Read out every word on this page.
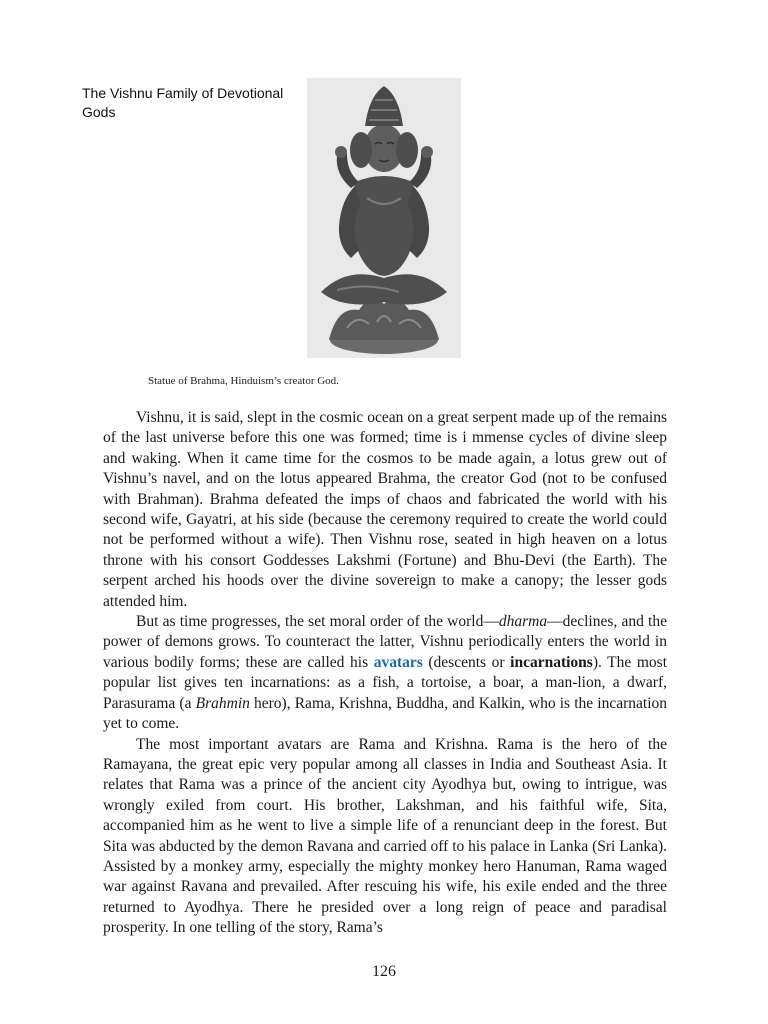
The Vishnu Family of Devotional Gods
Statue of Brahma, Hinduism’s creator God.

Vishnu, it is said, slept in the cosmic ocean on a great serpent made up of the remains of the last universe before this one was formed; time is i mmense cycles of divine sleep and waking. When it came time for the cosmos to be made again, a lotus grew out of Vishnu’s navel, and on the lotus appeared Brahma, the creator God (not to be confused with Brahman). Brahma defeated the imps of chaos and fabricated the world with his second wife, Gayatri, at his side (because the ceremony required to create the world could not be performed without a wife). Then Vishnu rose, seated in high heaven on a lotus throne with his consort Goddesses Lakshmi (Fortune) and Bhu-Devi (the Earth). The serpent arched his hoods over the divine sovereign to make a canopy; the lesser gods attended him.

But as time progresses, the set moral order of the world—dharma—declines, and the power of demons grows. To counteract the latter, Vishnu periodically enters the world in various bodily forms; these are called his avatars (descents or incarnations). The most popular list gives ten incarnations: as a fish, a tortoise, a boar, a man-lion, a dwarf, Parasurama (a Brahmin hero), Rama, Krishna, Buddha, and Kalkin, who is the incarnation yet to come.

The most important avatars are Rama and Krishna. Rama is the hero of the Ramayana, the great epic very popular among all classes in India and Southeast Asia. It relates that Rama was a prince of the ancient city Ayodhya but, owing to intrigue, was wrongly exiled from court. His brother, Lakshman, and his faithful wife, Sita, accompanied him as he went to live a simple life of a renunciant deep in the forest. But Sita was abducted by the demon Ravana and carried off to his palace in Lanka (Sri Lanka). Assisted by a monkey army, especially the mighty monkey hero Hanuman, Rama waged war against Ravana and prevailed. After rescuing his wife, his exile ended and the three returned to Ayodhya. There he presided over a long reign of peace and paradisal prosperity. In one telling of the story, Rama’s

126
